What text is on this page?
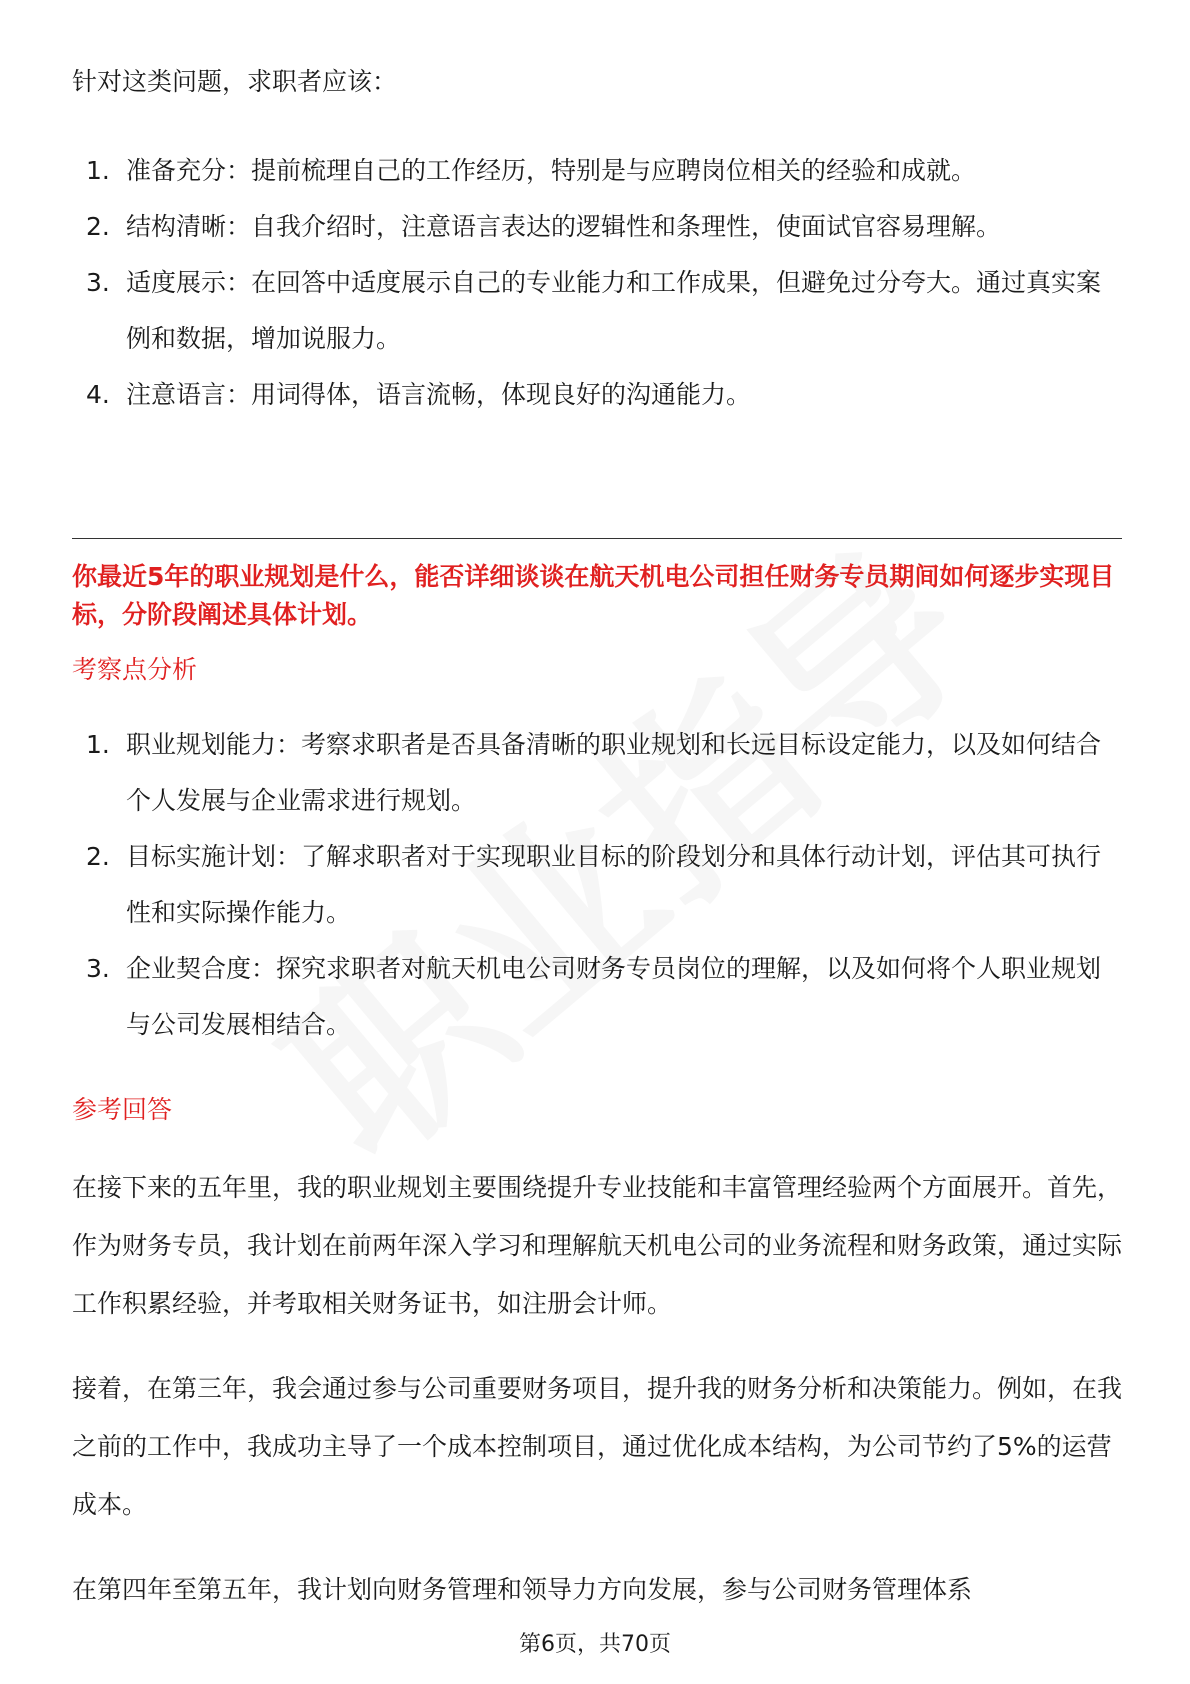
针对这类问题，求职者应该：

1. 准备充分：提前梳理自己的工作经历，特别是与应聘岗位相关的经验和成就。
2. 结构清晰：自我介绍时，注意语言表达的逻辑性和条理性，使面试官容易理解。
3. 适度展示：在回答中适度展示自己的专业能力和工作成果，但避免过分夸大。通过真实案例和数据，增加说服力。
4. 注意语言：用词得体，语言流畅，体现良好的沟通能力。

你最近5年的职业规划是什么，能否详细谈谈在航天机电公司担任财务专员期间如何逐步实现目标，分阶段阐述具体计划。

考察点分析
1. 职业规划能力：考察求职者是否具备清晰的职业规划和长远目标设定能力，以及如何结合个人发展与企业需求进行规划。
2. 目标实施计划：了解求职者对于实现职业目标的阶段划分和具体行动计划，评估其可执行性和实际操作能力。
3. 企业契合度：探究求职者对航天机电公司财务专员岗位的理解，以及如何将个人职业规划与公司发展相结合。
参考回答

在接下来的五年里，我的职业规划主要围绕提升专业技能和丰富管理经验两个方面展开。首先，作为财务专员，我计划在前两年深入学习和理解航天机电公司的业务流程和财务政策，通过实际工作积累经验，并考取相关财务证书，如注册会计师。

接着，在第三年，我会通过参与公司重要财务项目，提升我的财务分析和决策能力。例如，在我之前的工作中，我成功主导了一个成本控制项目，通过优化成本结构，为公司节约了5%的运营成本。

在第四年至第五年，我计划向财务管理和领导力方向发展，参与公司财务管理体系

第6页，共70页
